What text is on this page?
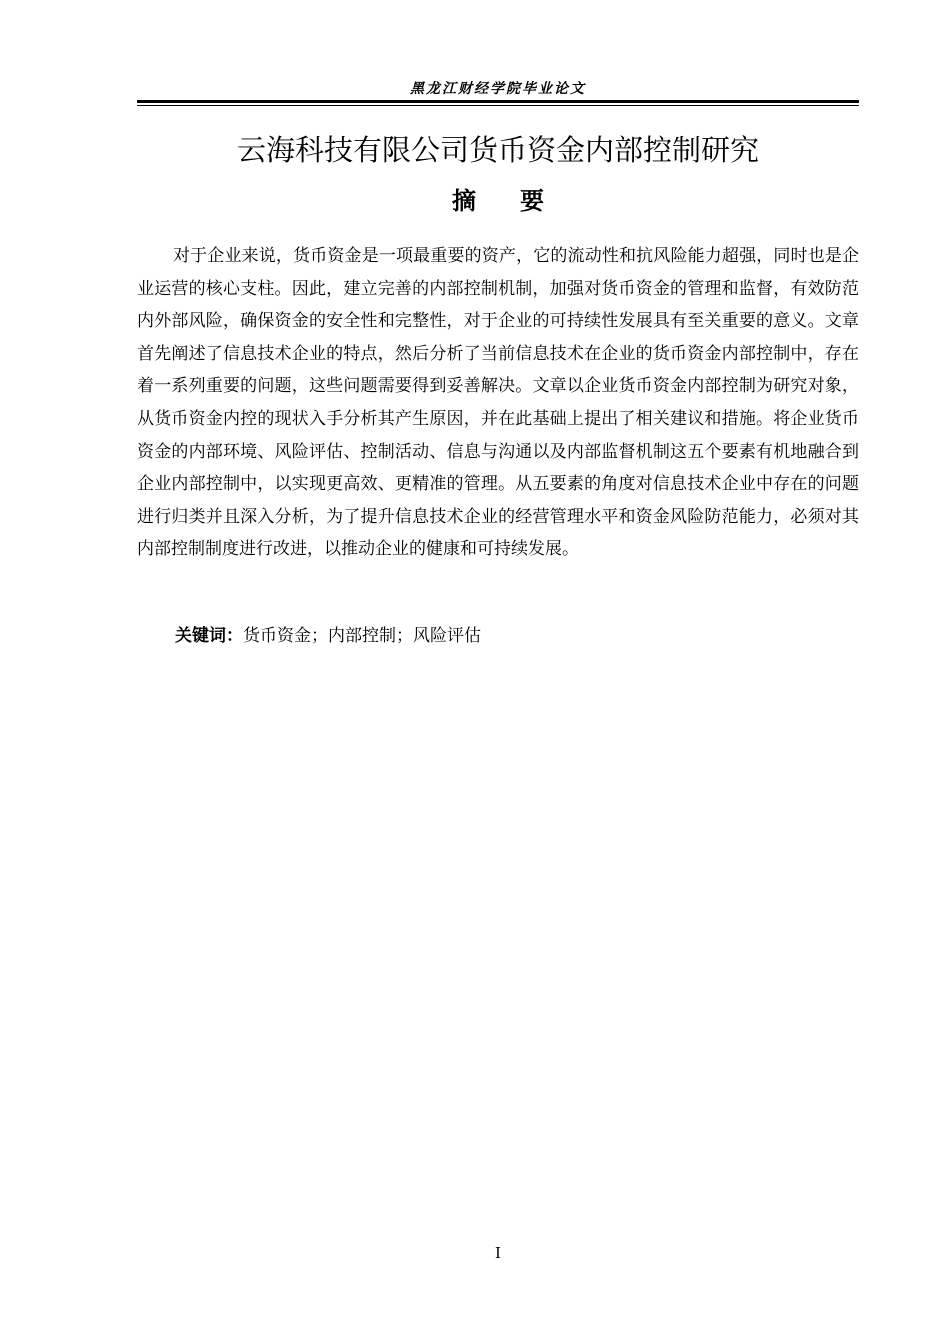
黑龙江财经学院毕业论文
云海科技有限公司货币资金内部控制研究
摘要

对于企业来说，货币资金是一项最重要的资产，它的流动性和抗风险能力超强，同时也是企业运营的核心支柱。因此，建立完善的内部控制机制，加强对货币资金的管理和监督，有效防范内外部风险，确保资金的安全性和完整性，对于企业的可持续性发展具有至关重要的意义。文章首先阐述了信息技术企业的特点，然后分析了当前信息技术在企业的货币资金内部控制中，存在着一系列重要的问题，这些问题需要得到妥善解决。文章以企业货币资金内部控制为研究对象，从货币资金内控的现状入手分析其产生原因，并在此基础上提出了相关建议和措施。将企业货币资金的内部环境、风险评估、控制活动、信息与沟通以及内部监督机制这五个要素有机地融合到企业内部控制中，以实现更高效、更精准的管理。从五要素的角度对信息技术企业中存在的问题进行归类并且深入分析，为了提升信息技术企业的经营管理水平和资金风险防范能力，必须对其内部控制制度进行改进，以推动企业的健康和可持续发展。

关键词：货币资金；内部控制；风险评估
I
